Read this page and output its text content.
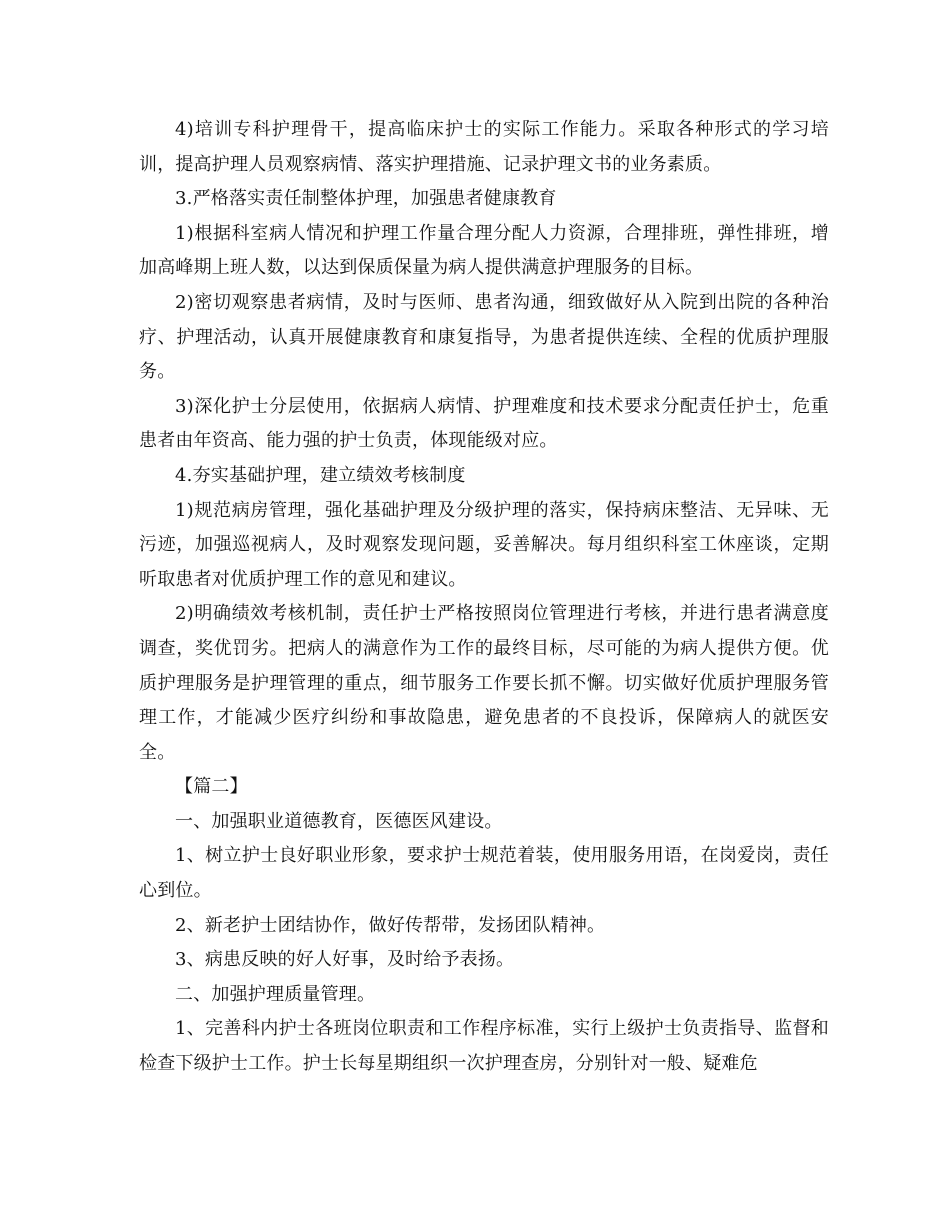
4)培训专科护理骨干，提高临床护士的实际工作能力。采取各种形式的学习培训，提高护理人员观察病情、落实护理措施、记录护理文书的业务素质。

3.严格落实责任制整体护理，加强患者健康教育

1)根据科室病人情况和护理工作量合理分配人力资源，合理排班，弹性排班，增加高峰期上班人数，以达到保质保量为病人提供满意护理服务的目标。

2)密切观察患者病情，及时与医师、患者沟通，细致做好从入院到出院的各种治疗、护理活动，认真开展健康教育和康复指导，为患者提供连续、全程的优质护理服务。

3)深化护士分层使用，依据病人病情、护理难度和技术要求分配责任护士，危重患者由年资高、能力强的护士负责，体现能级对应。

4.夯实基础护理，建立绩效考核制度

1)规范病房管理，强化基础护理及分级护理的落实，保持病床整洁、无异味、无污迹，加强巡视病人，及时观察发现问题，妥善解决。每月组织科室工休座谈，定期听取患者对优质护理工作的意见和建议。

2)明确绩效考核机制，责任护士严格按照岗位管理进行考核，并进行患者满意度调查，奖优罚劣。把病人的满意作为工作的最终目标，尽可能的为病人提供方便。优质护理服务是护理管理的重点，细节服务工作要长抓不懈。切实做好优质护理服务管理工作，才能减少医疗纠纷和事故隐患，避免患者的不良投诉，保障病人的就医安全。

【篇二】

一、加强职业道德教育，医德医风建设。

1、树立护士良好职业形象，要求护士规范着装，使用服务用语，在岗爱岗，责任心到位。

2、新老护士团结协作，做好传帮带，发扬团队精神。

3、病患反映的好人好事，及时给予表扬。

二、加强护理质量管理。

1、完善科内护士各班岗位职责和工作程序标准，实行上级护士负责指导、监督和检查下级护士工作。护士长每星期组织一次护理查房，分别针对一般、疑难危
